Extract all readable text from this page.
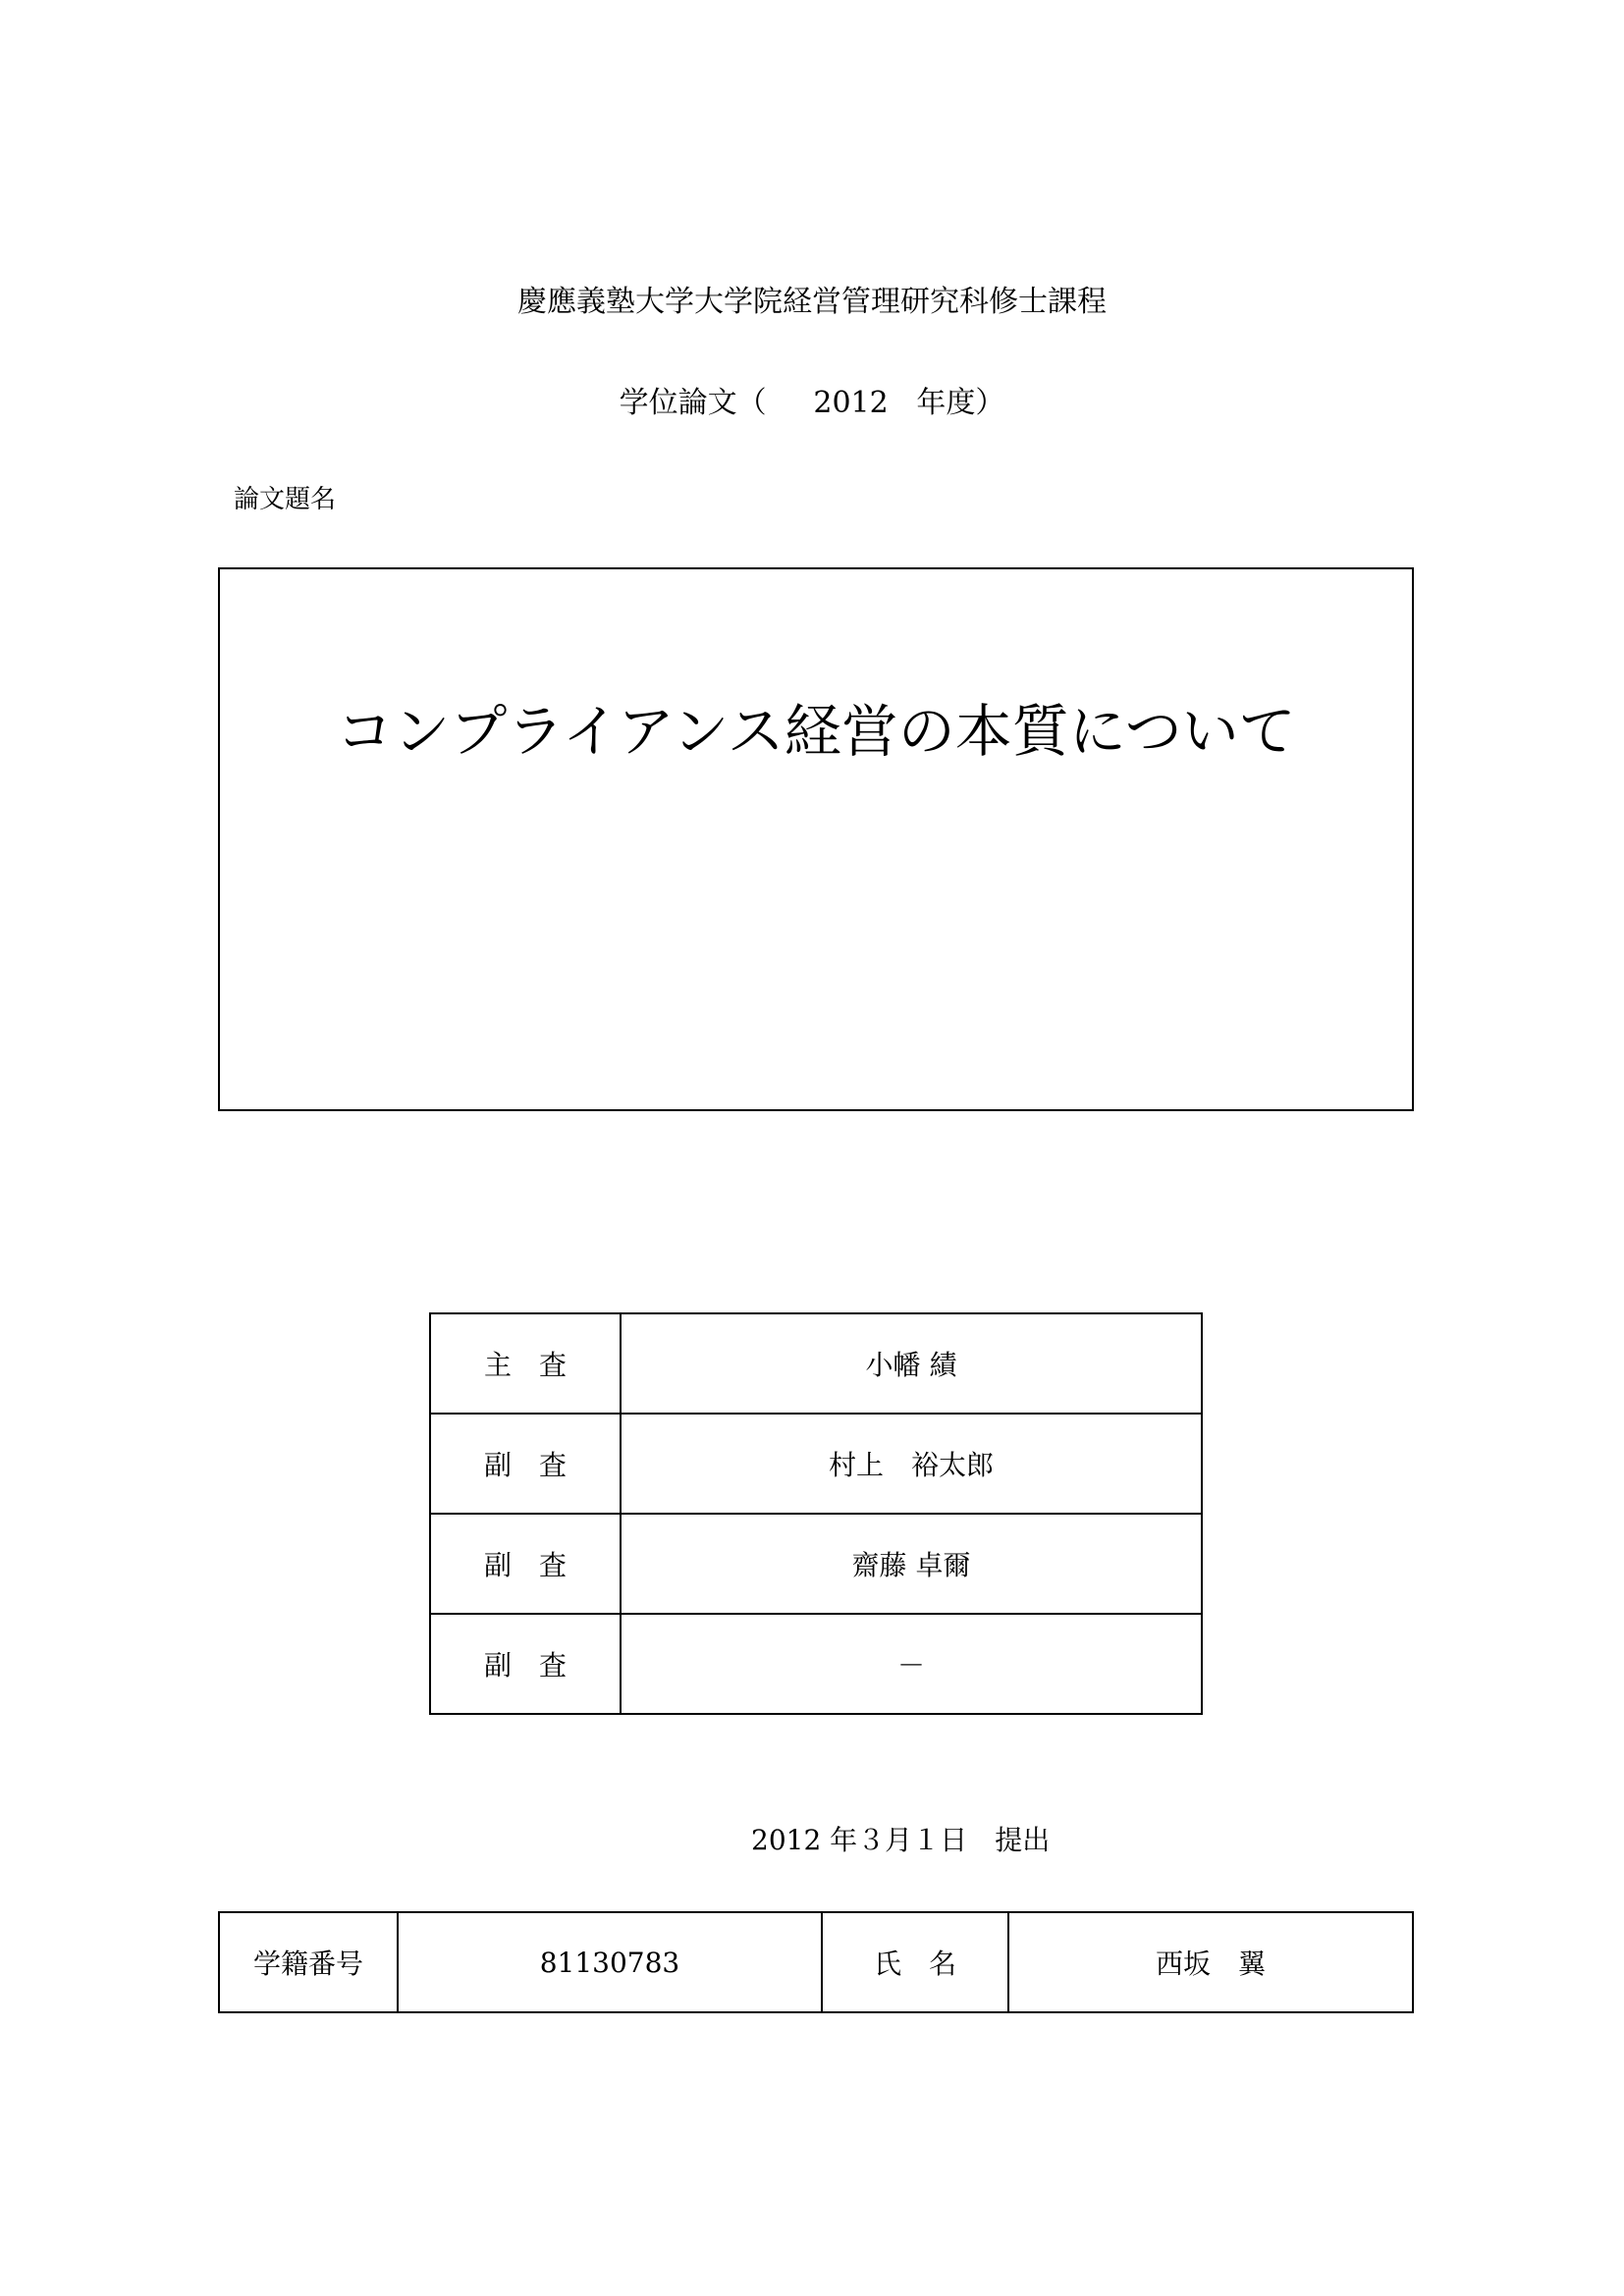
慶應義塾大学大学院経営管理研究科修士課程
学位論文（ 2012 年度）
論文題名
コンプライアンス経営の本質について
主　査	小幡 績
副　査	村上　裕太郎
副　査	齋藤 卓爾
副　査	－
2012 年３月１日　 提出
学籍番号	81130783	氏　名	西坂　翼
